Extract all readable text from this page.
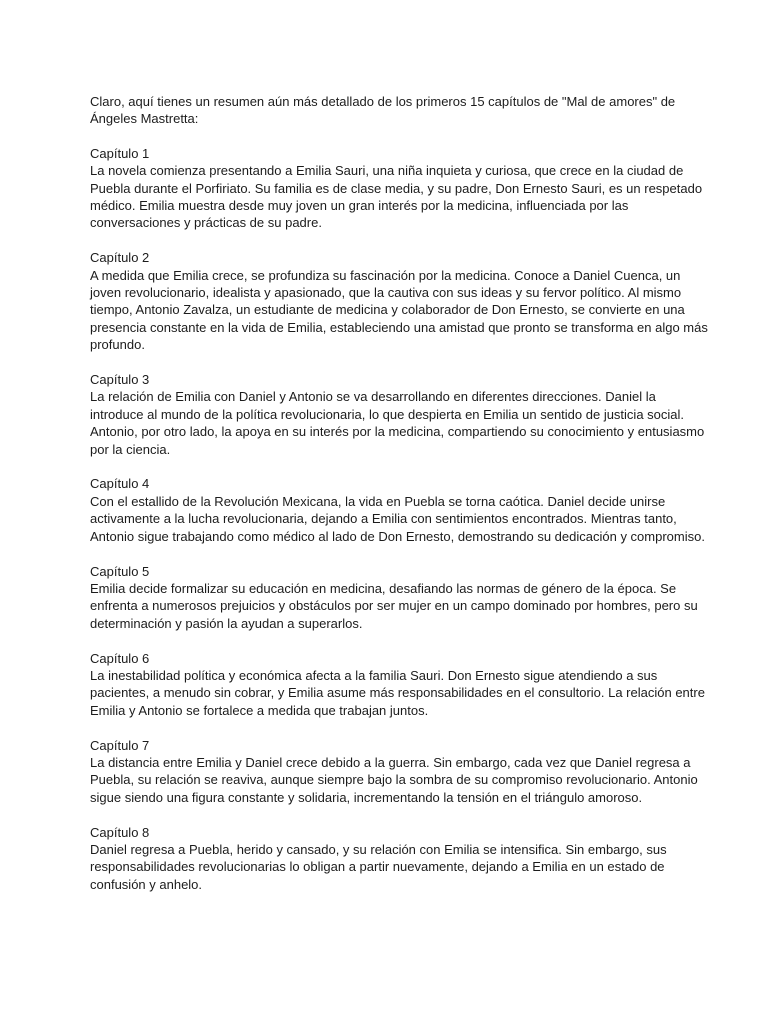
Claro, aquí tienes un resumen aún más detallado de los primeros 15 capítulos de "Mal de amores" de Ángeles Mastretta:

Capítulo 1
La novela comienza presentando a Emilia Sauri, una niña inquieta y curiosa, que crece en la ciudad de Puebla durante el Porfiriato. Su familia es de clase media, y su padre, Don Ernesto Sauri, es un respetado médico. Emilia muestra desde muy joven un gran interés por la medicina, influenciada por las conversaciones y prácticas de su padre.
Capítulo 2
A medida que Emilia crece, se profundiza su fascinación por la medicina. Conoce a Daniel Cuenca, un joven revolucionario, idealista y apasionado, que la cautiva con sus ideas y su fervor político. Al mismo tiempo, Antonio Zavalza, un estudiante de medicina y colaborador de Don Ernesto, se convierte en una presencia constante en la vida de Emilia, estableciendo una amistad que pronto se transforma en algo más profundo.
Capítulo 3
La relación de Emilia con Daniel y Antonio se va desarrollando en diferentes direcciones. Daniel la introduce al mundo de la política revolucionaria, lo que despierta en Emilia un sentido de justicia social. Antonio, por otro lado, la apoya en su interés por la medicina, compartiendo su conocimiento y entusiasmo por la ciencia.
Capítulo 4
Con el estallido de la Revolución Mexicana, la vida en Puebla se torna caótica. Daniel decide unirse activamente a la lucha revolucionaria, dejando a Emilia con sentimientos encontrados. Mientras tanto, Antonio sigue trabajando como médico al lado de Don Ernesto, demostrando su dedicación y compromiso.
Capítulo 5
Emilia decide formalizar su educación en medicina, desafiando las normas de género de la época. Se enfrenta a numerosos prejuicios y obstáculos por ser mujer en un campo dominado por hombres, pero su determinación y pasión la ayudan a superarlos.
Capítulo 6
La inestabilidad política y económica afecta a la familia Sauri. Don Ernesto sigue atendiendo a sus pacientes, a menudo sin cobrar, y Emilia asume más responsabilidades en el consultorio. La relación entre Emilia y Antonio se fortalece a medida que trabajan juntos.
Capítulo 7
La distancia entre Emilia y Daniel crece debido a la guerra. Sin embargo, cada vez que Daniel regresa a Puebla, su relación se reaviva, aunque siempre bajo la sombra de su compromiso revolucionario. Antonio sigue siendo una figura constante y solidaria, incrementando la tensión en el triángulo amoroso.
Capítulo 8
Daniel regresa a Puebla, herido y cansado, y su relación con Emilia se intensifica. Sin embargo, sus responsabilidades revolucionarias lo obligan a partir nuevamente, dejando a Emilia en un estado de confusión y anhelo.
